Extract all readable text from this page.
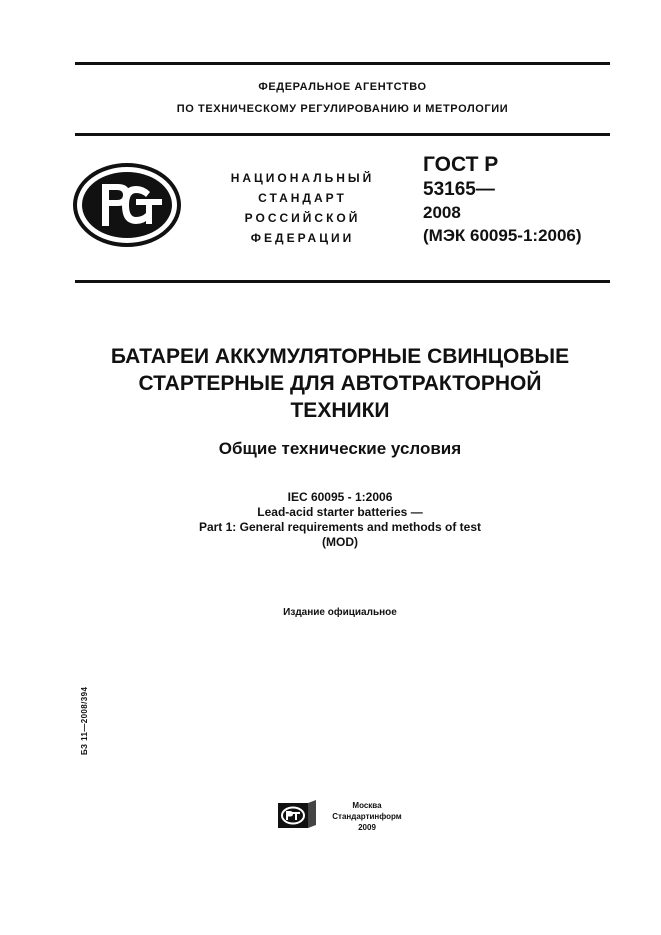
ФЕДЕРАЛЬНОЕ АГЕНТСТВО
ПО ТЕХНИЧЕСКОМУ РЕГУЛИРОВАНИЮ И МЕТРОЛОГИИ
НАЦИОНАЛЬНЫЙ
СТАНДАРТ
РОССИЙСКОЙ
ФЕДЕРАЦИИ
ГОСТ Р
53165—
2008
(МЭК 60095-1:2006)
БАТАРЕИ АККУМУЛЯТОРНЫЕ СВИНЦОВЫЕ
СТАРТЕРНЫЕ ДЛЯ АВТОТРАКТОРНОЙ
ТЕХНИКИ
Общие технические условия
IEC 60095 - 1:2006
Lead-acid starter batteries —
Part 1: General requirements and methods of test
(MOD)
Издание официальное
БЗ 11—2008/394
Москва
Стандартинформ
2009
